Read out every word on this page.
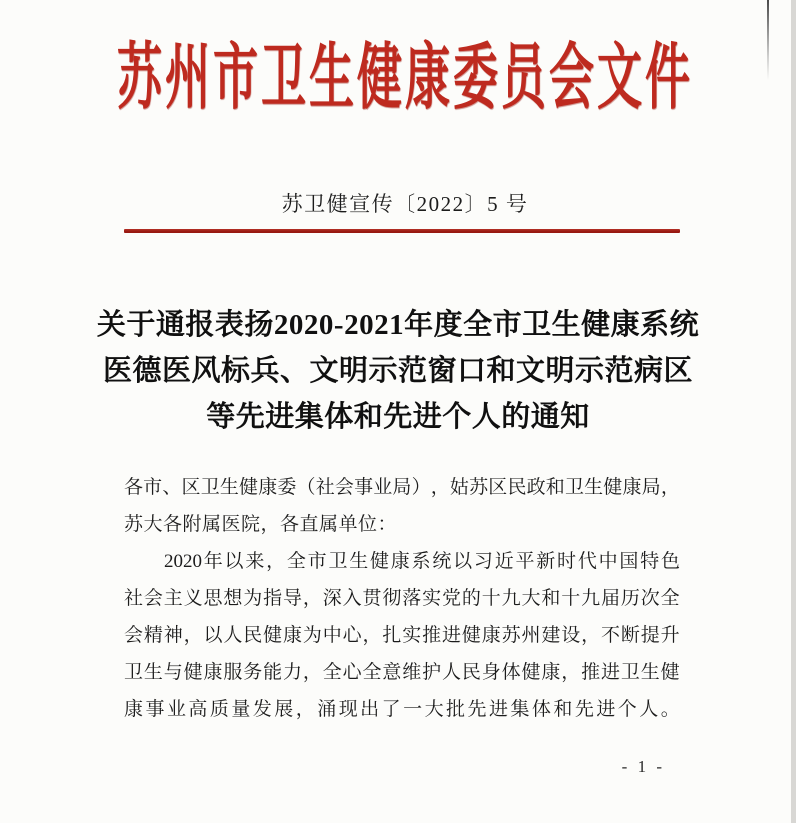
苏州市卫生健康委员会文件
苏卫健宣传〔2022〕5 号
关于通报表扬2020-2021年度全市卫生健康系统
医德医风标兵、文明示范窗口和文明示范病区
等先进集体和先进个人的通知
各 市 、 区 卫 生 健 康 委 （ 社 会 事 业 局 ） ， 姑 苏 区 民 政 和 卫 生 健 康 局 ，
苏大各附属医院，各直属单位：
2020 年 以 来 ， 全 市 卫 生 健 康 系 统 以 习 近 平 新 时 代 中 国 特 色
社 会 主 义 思 想 为 指 导 ， 深 入 贯 彻 落 实 党 的 十 九 大 和 十 九 届 历 次 全
会 精 神 ， 以 人 民 健 康 为 中 心 ， 扎 实 推 进 健 康 苏 州 建 设 ， 不 断 提 升
卫 生 与 健 康 服 务 能 力 ， 全 心 全 意 维 护 人 民 身 体 健 康 ， 推 进 卫 生 健
康 事 业 高 质 量 发 展 ， 涌 现 出 了 一 大 批 先 进 集 体 和 先 进 个 人 。
- 1 -
